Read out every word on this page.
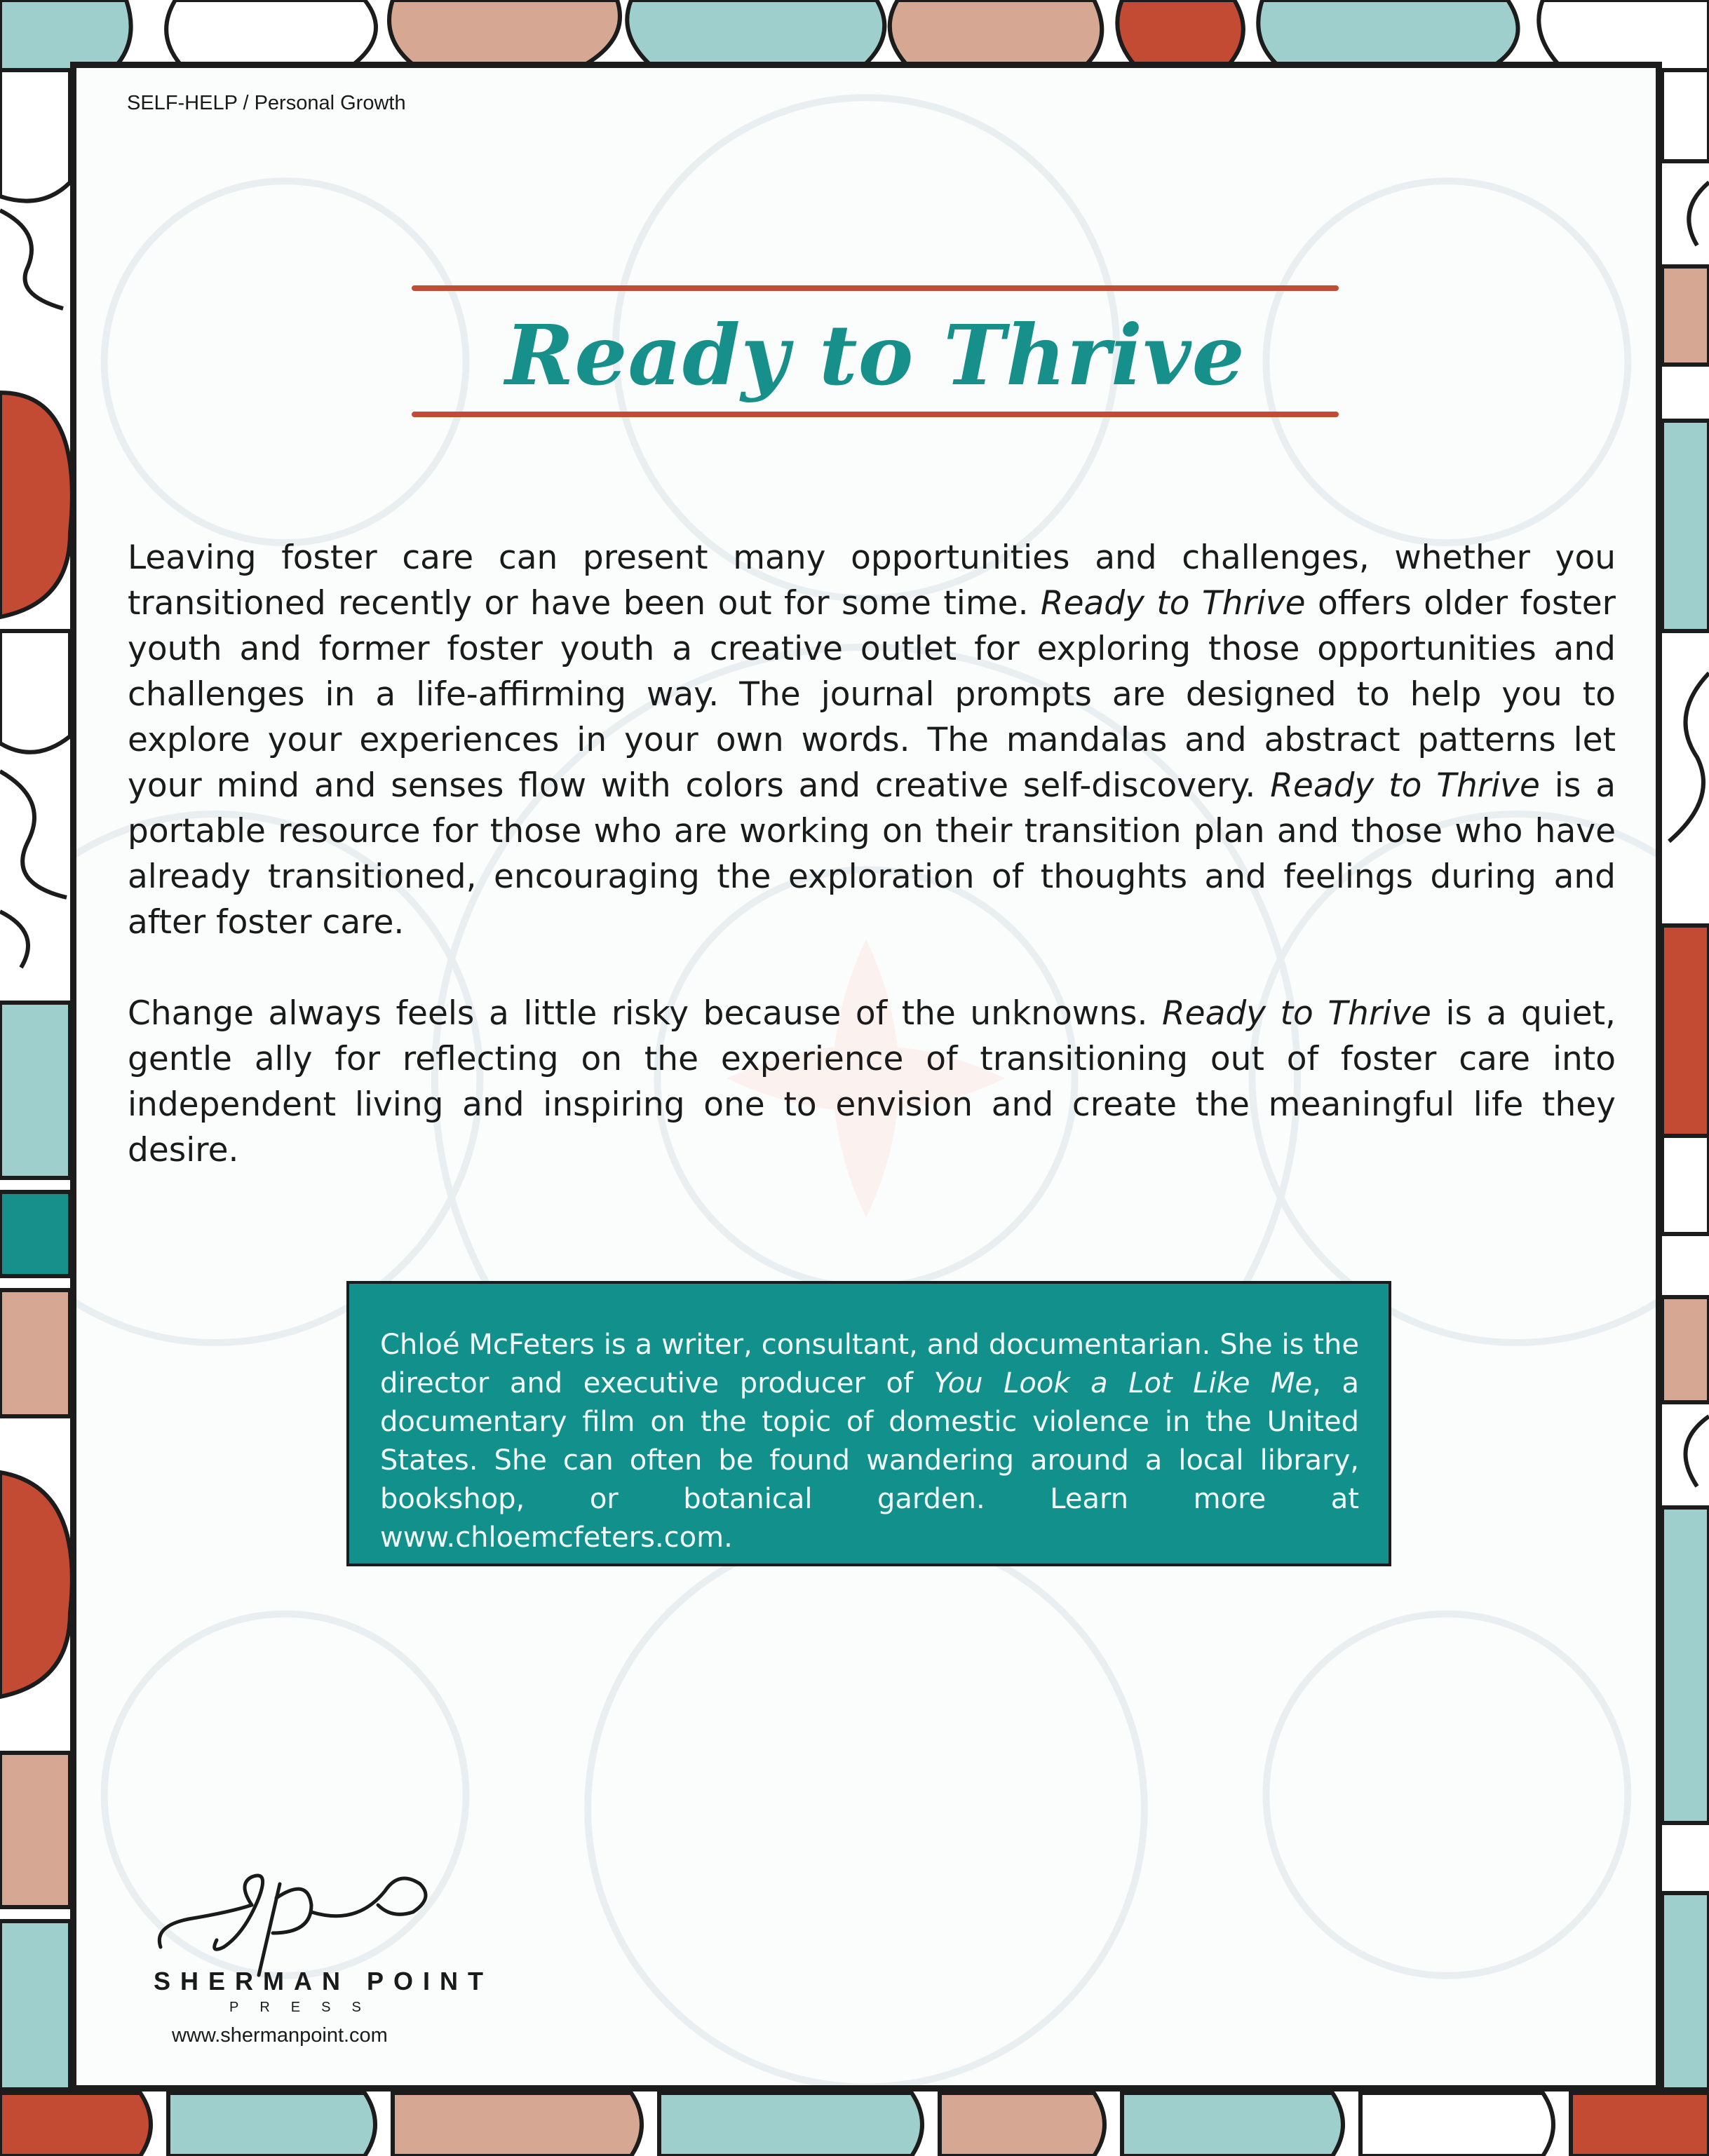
SELF-HELP / Personal Growth
Ready to Thrive

Leaving foster care can present many opportunities and challenges, whether you transitioned recently or have been out for some time. Ready to Thrive offers older foster youth and former foster youth a creative outlet for exploring those opportunities and challenges in a life-affirming way. The journal prompts are designed to help you to explore your experiences in your own words. The mandalas and abstract patterns let your mind and senses flow with colors and creative self-discovery. Ready to Thrive is a portable resource for those who are working on their transition plan and those who have already transitioned, encouraging the exploration of thoughts and feelings during and after foster care.

Change always feels a little risky because of the unknowns. Ready to Thrive is a quiet, gentle ally for reflecting on the experience of transitioning out of foster care into independent living and inspiring one to envision and create the meaningful life they desire.

Chloé McFeters is a writer, consultant, and documentarian. She is the director and executive producer of You Look a Lot Like Me, a documentary film on the topic of domestic violence in the United States. She can often be found wandering around a local library, bookshop, or botanical garden. Learn more at www.chloemcfeters.com.
SHERMAN POINT
PRESS
www.shermanpoint.com
